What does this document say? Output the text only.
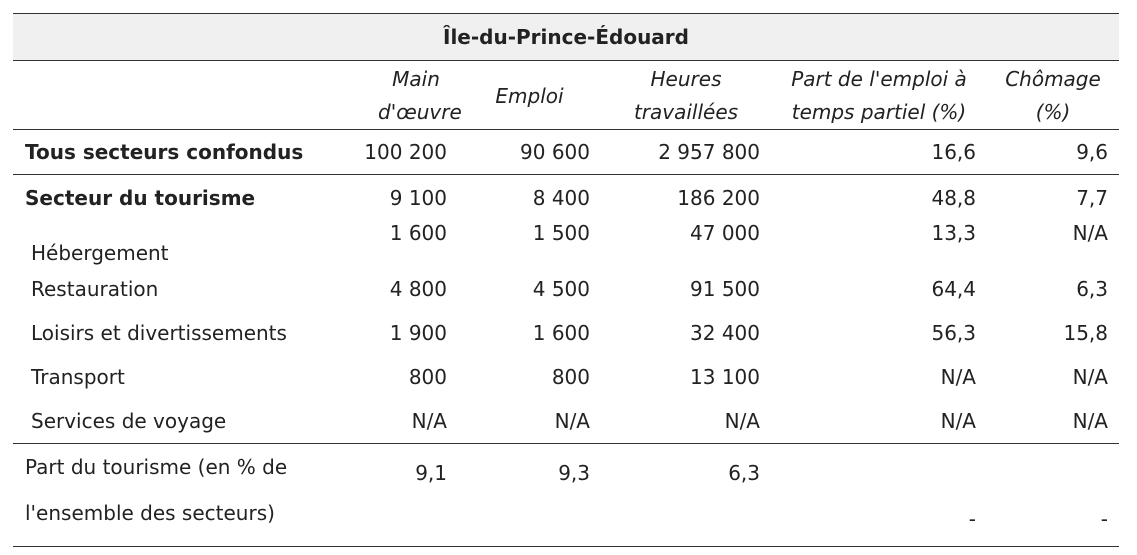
Île-du-Prince-Édouard
	Main d'œuvre	Emploi	Heures travaillées	Part de l'emploi à temps partiel (%)	Chômage (%)
Tous secteurs confondus	100 200	90 600	2 957 800	16,6	9,6
Secteur du tourisme	9 100	8 400	186 200	48,8	7,7
Hébergement	1 600	1 500	47 000	13,3	N/A
Restauration	4 800	4 500	91 500	64,4	6,3
Loisirs et divertissements	1 900	1 600	32 400	56,3	15,8
Transport	800	800	13 100	N/A	N/A
Services de voyage	N/A	N/A	N/A	N/A	N/A
Part du tourisme (en % de l'ensemble des secteurs)	9,1	9,3	6,3	-	-
